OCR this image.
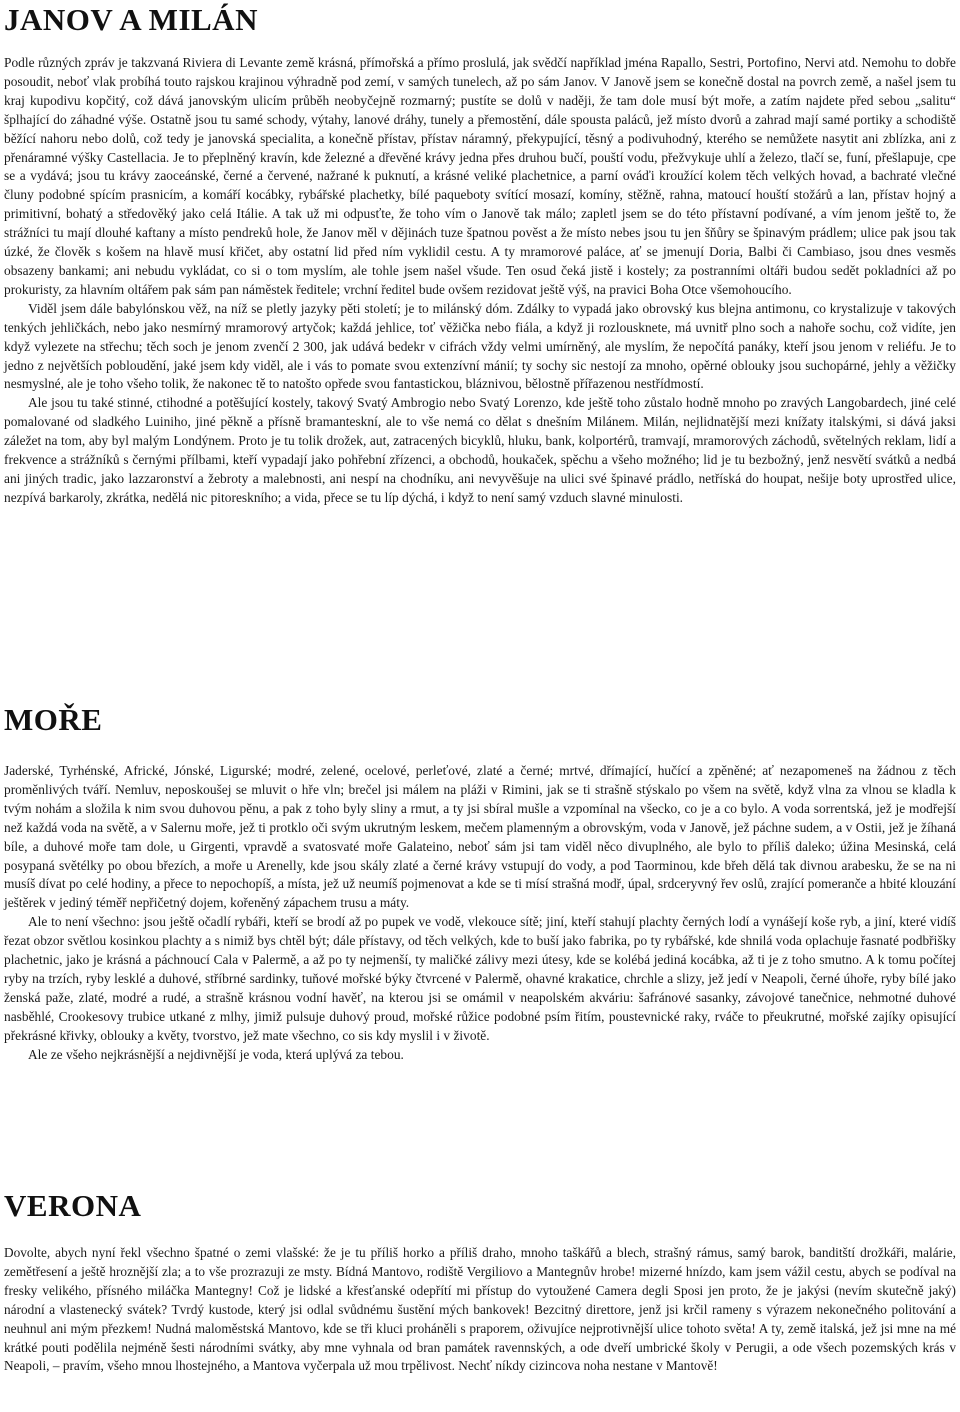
JANOV A MILÁN

Podle různých zpráv je takzvaná Riviera di Levante země krásná, přímořská a přímo proslulá, jak svědčí například jména Rapallo, Sestri, Portofino, Nervi atd. Nemohu to dobře posoudit, neboť vlak probíhá touto rajskou krajinou výhradně pod zemí, v samých tunelech, až po sám Janov. V Janově jsem se konečně dostal na povrch země, a našel jsem tu kraj kupodivu kopčitý, což dává janovským ulicím průběh neobyčejně rozmarný; pustíte se dolů v naději, že tam dole musí být moře, a zatím najdete před sebou „salitu“ šplhající do záhadné výše. Ostatně jsou tu samé schody, výtahy, lanové dráhy, tunely a přemostění, dále spousta paláců, jež místo dvorů a zahrad mají samé portiky a schodiště běžící nahoru nebo dolů, což tedy je janovská specialita, a konečně přístav, přístav náramný, překypující, těsný a podivuhodný, kterého se nemůžete nasytit ani zblízka, ani z přenáramné výšky Castellacia. Je to přeplněný kravín, kde železné a dřevěné krávy jedna přes druhou bučí, pouští vodu, přežvykuje uhlí a železo, tlačí se, funí, přešlapuje, cpe se a vydává; jsou tu krávy zaoceánské, černé a červené, nažrané k puknutí, a krásné veliké plachetnice, a parní ováďi kroužící kolem těch velkých hovad, a bachraté vlečné čluny podobné spícím prasnicím, a komáří kocábky, rybářské plachetky, bílé paquebоty svítící mosazí, komíny, stěžně, rahna, matoucí houští stožárů a lan, přístav hojný a primitivní, bohatý a středověký jako celá Itálie. A tak už mi odpusťte, že toho vím o Janově tak málo; zapletl jsem se do této přístavní podívané, a vím jenom ještě to, že strážníci tu mají dlouhé kaftany a místo pendreků hole, že Janov měl v dějinách tuze špatnou pověst a že místo nebes jsou tu jen šňůry se špinavým prádlem; ulice pak jsou tak úzké, že člověk s košem na hlavě musí křičet, aby ostatní lid před ním vyklidil cestu. A ty mramorové paláce, ať se jmenují Doria, Balbi či Cambiaso, jsou dnes vesměs obsazeny bankami; ani nebudu vykládat, co si o tom myslím, ale tohle jsem našel všude. Ten osud čeká jistě i kostely; za postranními oltáři budou sedět pokladníci až po prokuristy, za hlavním oltářem pak sám pan náměstek ředitele; vrchní ředitel bude ovšem rezidovat ještě výš, na pravici Boha Otce všemohoucího.

Viděl jsem dále babylónskou věž, na níž se pletly jazyky pěti století; je to milánský dóm. Zdálky to vypadá jako obrovský kus blejna antimonu, co krystalizuje v takových tenkých jehličkách, nebo jako nesmírný mramorový artyčok; každá jehlice, toť věžička nebo fiála, a když ji rozlousknete, má uvnitř plno soch a nahoře sochu, což vidíte, jen když vylezete na střechu; těch soch je jenom zvenčí 2 300, jak udává bedekr v cifrách vždy velmi umírněný, ale myslím, že nepočítá panáky, kteří jsou jenom v reliéfu. Je to jedno z největších pobloudění, jaké jsem kdy viděl, ale i vás to pomate svou extenzívní mánií; ty sochy sic nestojí za mnoho, opěrné oblouky jsou suchopárné, jehly a věžičky nesmyslné, ale je toho všeho tolik, že nakonec tě to natošto opřede svou fantastickou, bláznivou, bělostně přířazenou nestřídmostí.

Ale jsou tu také stinné, ctihodné a potěšující kostely, takový Svatý Ambrogio nebo Svatý Lorenzo, kde ještě toho zůstalo hodně mnoho po zravých Langobardech, jiné celé pomalované od sladkého Luiniho, jiné pěkně a přísně bramanteskní, ale to vše nemá co dělat s dnešním Milánem. Milán, nejlidnatější mezi knížaty italskými, si dává jaksi záležet na tom, aby byl malým Londýnem. Proto je tu tolik drožek, aut, zatracených bicyklů, hluku, bank, kolportérů, tramvají, mramorových záchodů, světelných reklam, lidí a frekvence a strážníků s černými přílbami, kteří vypadají jako pohřební zřízenci, a obchodů, houkaček, spěchu a všeho možného; lid je tu bezbožný, jenž nesvětí svátků a nedbá ani jiných tradic, jako lazzaronství a žebroty a malebnosti, ani nespí na chodníku, ani nevyvěšuje na ulici své špinavé prádlo, netříská do houpat, nešije boty uprostřed ulice, nezpívá barkaroly, zkrátka, nedělá nic pitoreskního; a vida, přece se tu líp dýchá, i když to není samý vzduch slavné minulosti.

MOŘE

Jaderské, Tyrhénské, Africké, Jónské, Ligurské; modré, zelené, ocelové, perleťové, zlaté a černé; mrtvé, dřímající, hučící a zpěněné; ať nezapomeneš na žádnou z těch proměnlivých tváří. Nemluv, neposkoušej se mluvit o hře vln; brečel jsi málem na pláži v Rimini, jak se ti strašně stýskalo po všem na světě, když vlna za vlnou se kladla k tvým nohám a složila k nim svou duhovou pěnu, a pak z toho byly sliny a rmut, a ty jsi sbíral mušle a vzpomínal na všecko, co je a co bylo. A voda sorrentská, jež je modřejší než každá voda na světě, a v Salernu moře, jež ti protklo oči svým ukrutným leskem, mečem plamenným a obrovským, voda v Janově, jež páchne sudem, a v Ostii, jež je žíhaná bíle, a duhové moře tam dole, u Girgenti, vpravdě a svatosvaté moře Galateino, neboť sám jsi tam viděl něco divuplného, ale bylo to příliš daleko; úžina Mesinská, celá posypaná světélky po obou březích, a moře u Arenelly, kde jsou skály zlaté a černé krávy vstupují do vody, a pod Taorminou, kde břeh dělá tak divnou arabesku, že se na ni musíš dívat po celé hodiny, a přece to nepochopíš, a místa, jež už neumíš pojmenovat a kde se ti mísí strašná modř, úpal, srdceryvný řev oslů, zrající pomeranče a hbité klouzání ještěrek v jediný téměř nepřičetný dojem, kořeněný zápachem trusu a máty.

Ale to není všechno: jsou ještě očadlí rybáři, kteří se brodí až po pupek ve vodě, vlekouce sítě; jiní, kteří stahují plachty černých lodí a vynášejí koše ryb, a jiní, které vidíš řezat obzor světlou kosinkou plachty a s nimiž bys chtěl být; dále přístavy, od těch velkých, kde to buší jako fabrika, po ty rybářské, kde shnilá voda oplachuje řasnaté podbřišky plachetnic, jako je krásná a páchnoucí Cala v Palermě, a až po ty nejmenší, ty maličké zálivy mezi útesy, kde se kolébá jediná kocábka, až ti je z toho smutno. A k tomu počítej ryby na trzích, ryby lesklé a duhové, stříbrné sardinky, tuňové mořské býky čtvrcené v Palermě, ohavné krakatice, chrchle a slizy, jež jedí v Neapoli, černé úhoře, ryby bílé jako ženská paže, zlaté, modré a rudé, a strašně krásnou vodní havěť, na kterou jsi se omámil v neapolském akváriu: šafránové sasanky, závojové tanečnice, nehmotné duhové nasběhlé, Crookesovy trubice utkané z mlhy, jimiž pulsuje duhový proud, mořské růžice podobné psím řitím, poustevnické raky, rváče to přeukrutné, mořské zajíky opisující překrásné křivky, oblouky a květy, tvorstvo, jež mate všechno, co sis kdy myslil i v životě.

Ale ze všeho nejkrásnější a nejdivnější je voda, která uplývá za tebou.

VERONA

Dovolte, abych nyní řekl všechno špatné o zemi vlašské: že je tu příliš horko a příliš draho, mnoho taškářů a blech, strašný rámus, samý barok, banditští drožkáři, malárie, zemětřesení a ještě hroznější zla; a to vše prozrazuji ze msty. Bídná Mantovo, rodiště Vergiliovo a Mantegnův hrobe! mizerné hnízdo, kam jsem vážil cestu, abych se podíval na fresky velikého, přísného miláčka Mantegny! Což je lidské a křesťanské odepřítí mi přístup do vytoužené Camera degli Sposi jen proto, že je jakýsi (nevím skutečně jaký) národní a vlastenecký svátek? Tvrdý kustode, který jsi odlal svůdnému šustění mých bankovek! Bezcitný direttore, jenž jsi krčil rameny s výrazem nekonečného politování a neuhnul ani mým přezkem! Nudná maloměstská Mantovo, kde se tři kluci proháněli s praporem, oživujíce nejprotivnější ulice tohoto světa! A ty, země italská, jež jsi mne na mé krátké pouti podělila nejméně šesti národními svátky, aby mne vyhnala od bran památek ravennských, a ode dveří umbrické školy v Perugii, a ode všech pozemských krás v Neapoli, – pravím, všeho mnou lhostejného, a Mantova vyčerpala už mou trpělivost. Nechť níkdy cizincova noha nestane v Mantově!
